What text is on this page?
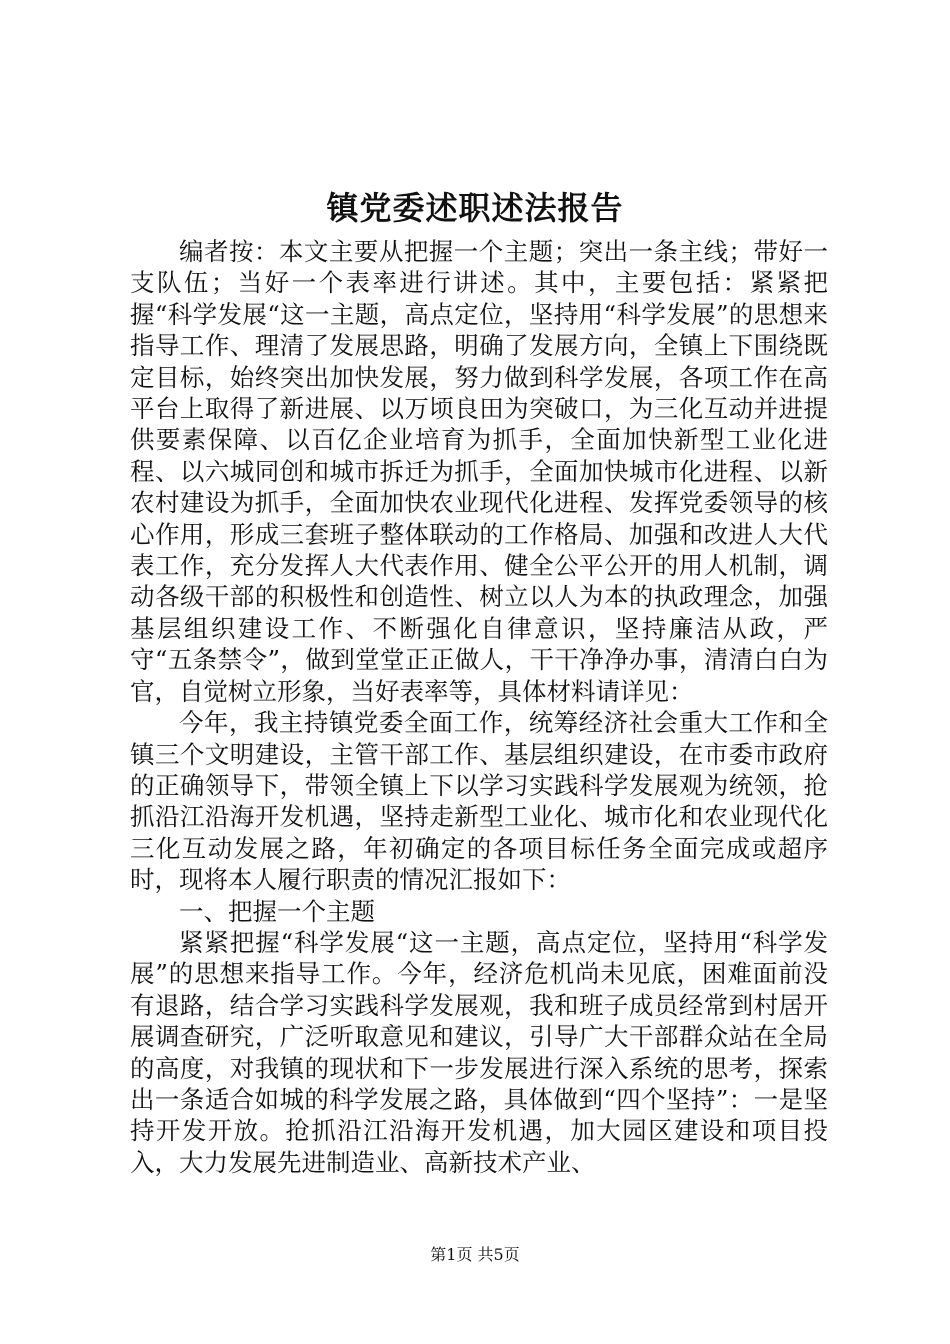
镇党委述职述法报告

编者按：本文主要从把握一个主题；突出一条主线；带好一支队伍；当好一个表率进行讲述。其中，主要包括：紧紧把握“科学发展“这一主题，高点定位，坚持用“科学发展”的思想来指导工作、理清了发展思路，明确了发展方向，全镇上下围绕既定目标，始终突出加快发展，努力做到科学发展，各项工作在高平台上取得了新进展、以万顷良田为突破口，为三化互动并进提供要素保障、以百亿企业培育为抓手，全面加快新型工业化进程、以六城同创和城市拆迁为抓手，全面加快城市化进程、以新农村建设为抓手，全面加快农业现代化进程、发挥党委领导的核心作用，形成三套班子整体联动的工作格局、加强和改进人大代表工作，充分发挥人大代表作用、健全公平公开的用人机制，调动各级干部的积极性和创造性、树立以人为本的执政理念，加强基层组织建设工作、不断强化自律意识，坚持廉洁从政，严守“五条禁令”，做到堂堂正正做人，干干净净办事，清清白白为官，自觉树立形象，当好表率等，具体材料请详见：

今年，我主持镇党委全面工作，统筹经济社会重大工作和全镇三个文明建设，主管干部工作、基层组织建设，在市委市政府的正确领导下，带领全镇上下以学习实践科学发展观为统领，抢抓沿江沿海开发机遇，坚持走新型工业化、城市化和农业现代化三化互动发展之路，年初确定的各项目标任务全面完成或超序时，现将本人履行职责的情况汇报如下：

一、把握一个主题

紧紧把握“科学发展“这一主题，高点定位，坚持用“科学发展”的思想来指导工作。今年，经济危机尚未见底，困难面前没有退路，结合学习实践科学发展观，我和班子成员经常到村居开展调查研究，广泛听取意见和建议，引导广大干部群众站在全局的高度，对我镇的现状和下一步发展进行深入系统的思考，探索出一条适合如城的科学发展之路，具体做到“四个坚持”：一是坚持开发开放。抢抓沿江沿海开发机遇，加大园区建设和项目投入，大力发展先进制造业、高新技术产业、

第1页 共5页
